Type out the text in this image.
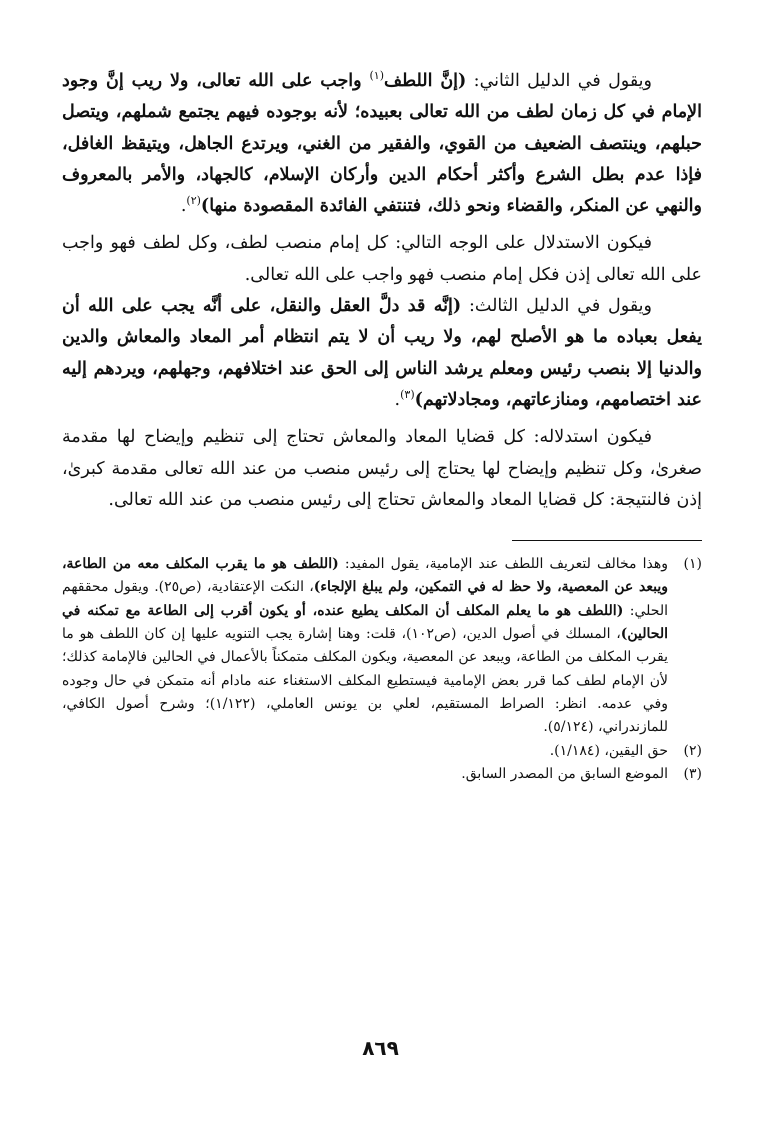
ويقول في الدليل الثاني: (إنَّ اللطف$^{(١)}$ واجب على الله تعالى، ولا ريب إنَّ وجود الإمام في كل زمان لطف من الله تعالى بعبيده؛ لأنه بوجوده فيهم يجتمع شملهم، ويتصل حبلهم، وينتصف الضعيف من القوي، والفقير من الغني، ويرتدع الجاهل، ويتيقظ الغافل، فإذا عدم بطل الشرع وأكثر أحكام الدين وأركان الإسلام، كالجهاد، والأمر بالمعروف والنهي عن المنكر، والقضاء ونحو ذلك، فتنتفي الفائدة المقصودة منها)$^{(٢)}$.

فيكون الاستدلال على الوجه التالي: كل إمام منصب لطف، وكل لطف فهو واجب على الله تعالى إذن فكل إمام منصب فهو واجب على الله تعالى.

ويقول في الدليل الثالث: (إنَّه قد دلَّ العقل والنقل، على أنَّه يجب على الله أن يفعل بعباده ما هو الأصلح لهم، ولا ريب أن لا يتم انتظام أمر المعاد والمعاش والدين والدنيا إلا بنصب رئيس ومعلم يرشد الناس إلى الحق عند اختلافهم، وجهلهم، ويردهم إليه عند اختصامهم، ومنازعاتهم، ومجادلاتهم)$^{(٣)}$.

فيكون استدلاله: كل قضايا المعاد والمعاش تحتاج إلى تنظيم وإيضاح لها مقدمة صغرىٰ، وكل تنظيم وإيضاح لها يحتاج إلى رئيس منصب من عند الله تعالى مقدمة كبرىٰ، إذن فالنتيجة: كل قضايا المعاد والمعاش تحتاج إلى رئيس منصب من عند الله تعالى.

(١)
وهذا مخالف لتعريف اللطف عند الإمامية، يقول المفيد: (اللطف هو ما يقرب المكلف معه من الطاعة، ويبعد عن المعصية، ولا حظ له في التمكين، ولم يبلغ الإلجاء)، النكت الإعتقادية، (ص٢٥). ويقول محققهم الحلي: (اللطف هو ما يعلم المكلف أن المكلف يطيع عنده، أو يكون أقرب إلى الطاعة مع تمكنه في الحالين)، المسلك في أصول الدين، (ص١٠٢)، قلت: وهنا إشارة يجب التنويه عليها إن كان اللطف هو ما يقرب المكلف من الطاعة، ويبعد عن المعصية، ويكون المكلف متمكناً بالأعمال في الحالين فالإمامة كذلك؛ لأن الإمام لطف كما قرر بعض الإمامية فيستطيع المكلف الاستغناء عنه مادام أنه متمكن في حال وجوده وفي عدمه. انظر: الصراط المستقيم، لعلي بن يونس العاملي، (١/١٢٢)؛ وشرح أصول الكافي، للمازندراني، (٥/١٢٤).
(٢)
حق اليقين، (١/١٨٤).
(٣)
الموضع السابق من المصدر السابق.
٨٦٩
